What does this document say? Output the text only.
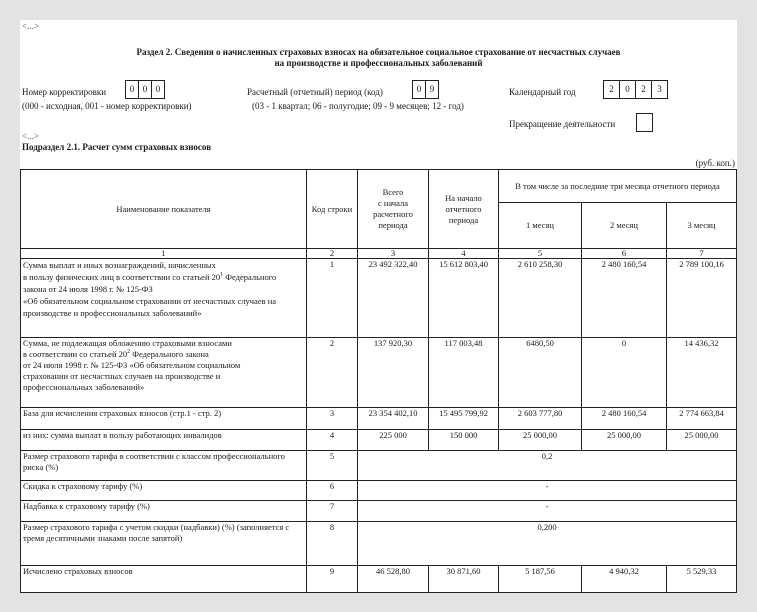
<...>
Раздел 2. Сведения о начисленных страховых взносах на обязательное социальное страхование от несчастных случаев
на производстве и профессиональных заболеваний
Номер корректировки	0 0 0
(000 - исходная, 001 - номер корректировки)
Расчетный (отчетный) период (код)	0 9
(03 - 1 квартал; 06 - полугодие; 09 - 9 месяцев; 12 - год)
Календарный год	2	0	2	3
Прекращение деятельности
<...>
Подраздел 2.1. Расчет сумм страховых взносов
(руб. коп.)
Наименование показателя	Код строки	
Всего
с начала
расчетного
периода

На начало
отчетного
периода
	В том числе за последние три месяца отчетного периода
				1 месяц	2 месяц	3 месяц
1	2	3	4	5	6	7

Сумма выплат и иных вознаграждений, начисленных
в пользу физических лиц в соответствии со статьей $20^1$ Федерального
закона от 24 июля 1998 г. № 125-ФЗ
«Об обязательном социальном страховании от несчастных случаев на
производстве и профессиональных заболеваний»	1	23 492 322,40	15 612 803,40	2 610 258,30	2 480 160,54	2 789 100,16

Сумма, не подлежащая обложению страховыми взносами
в соответствии со статьей $20^2$ Федерального закона
от 24 июля 1998 г. № 125-ФЗ «Об обязательном социальном
страховании от несчастных случаев на производстве и
профессиональных заболеваний»	2	137 920,30	117 003,48	6480,50	0	14 436,32
База для исчисления страховых взносов (стр.1 - стр. 2)	3	23 354 402,10	15 495 799,92	2 603 777,80	2 480 160,54	2 774 663,84
из них: сумма выплат в пользу работающих инвалидов	4	225 000	150 000	25 000,00	25 000,00	25 000,00
Размер страхового тарифа в соответствии с классом профессионального риска (%)	5	0,2				
Скидка к страховому тарифу (%)	6	-				
Надбавка к страховому тарифу (%)	7	-				
Размер страхового тарифа с учетом скидки (надбавки) (%) (заполняется с тремя десятичными знаками после запятой)	8	0,200				
Исчислено страховых взносов	9	46 528,80	30 871,60	5 187,56	4 940,32	5 529,33
